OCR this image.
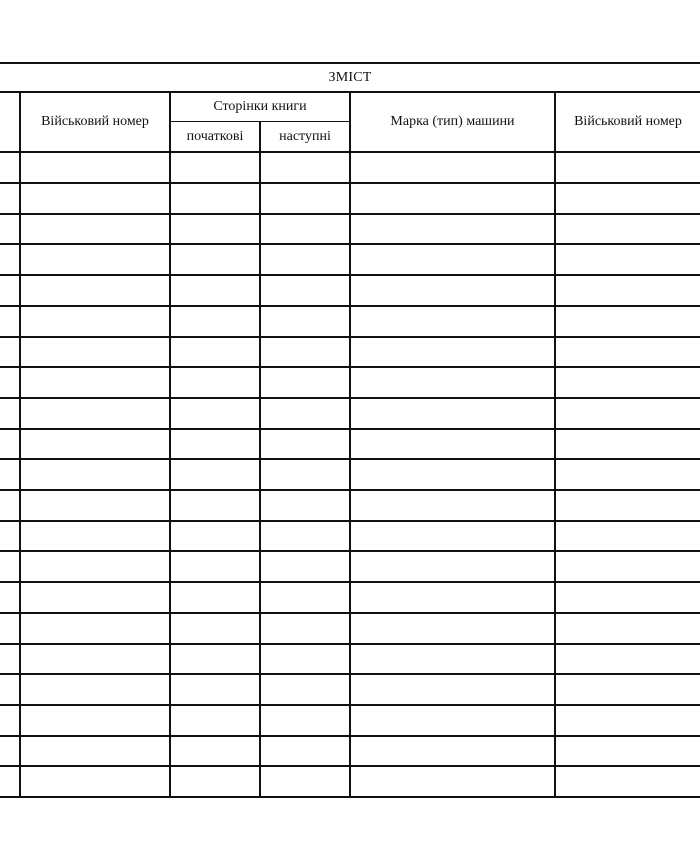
ЗМІСТ
Військовий номер
Сторінки книги
початкові	наступні
Марка (тип) машини	Військовий номер
